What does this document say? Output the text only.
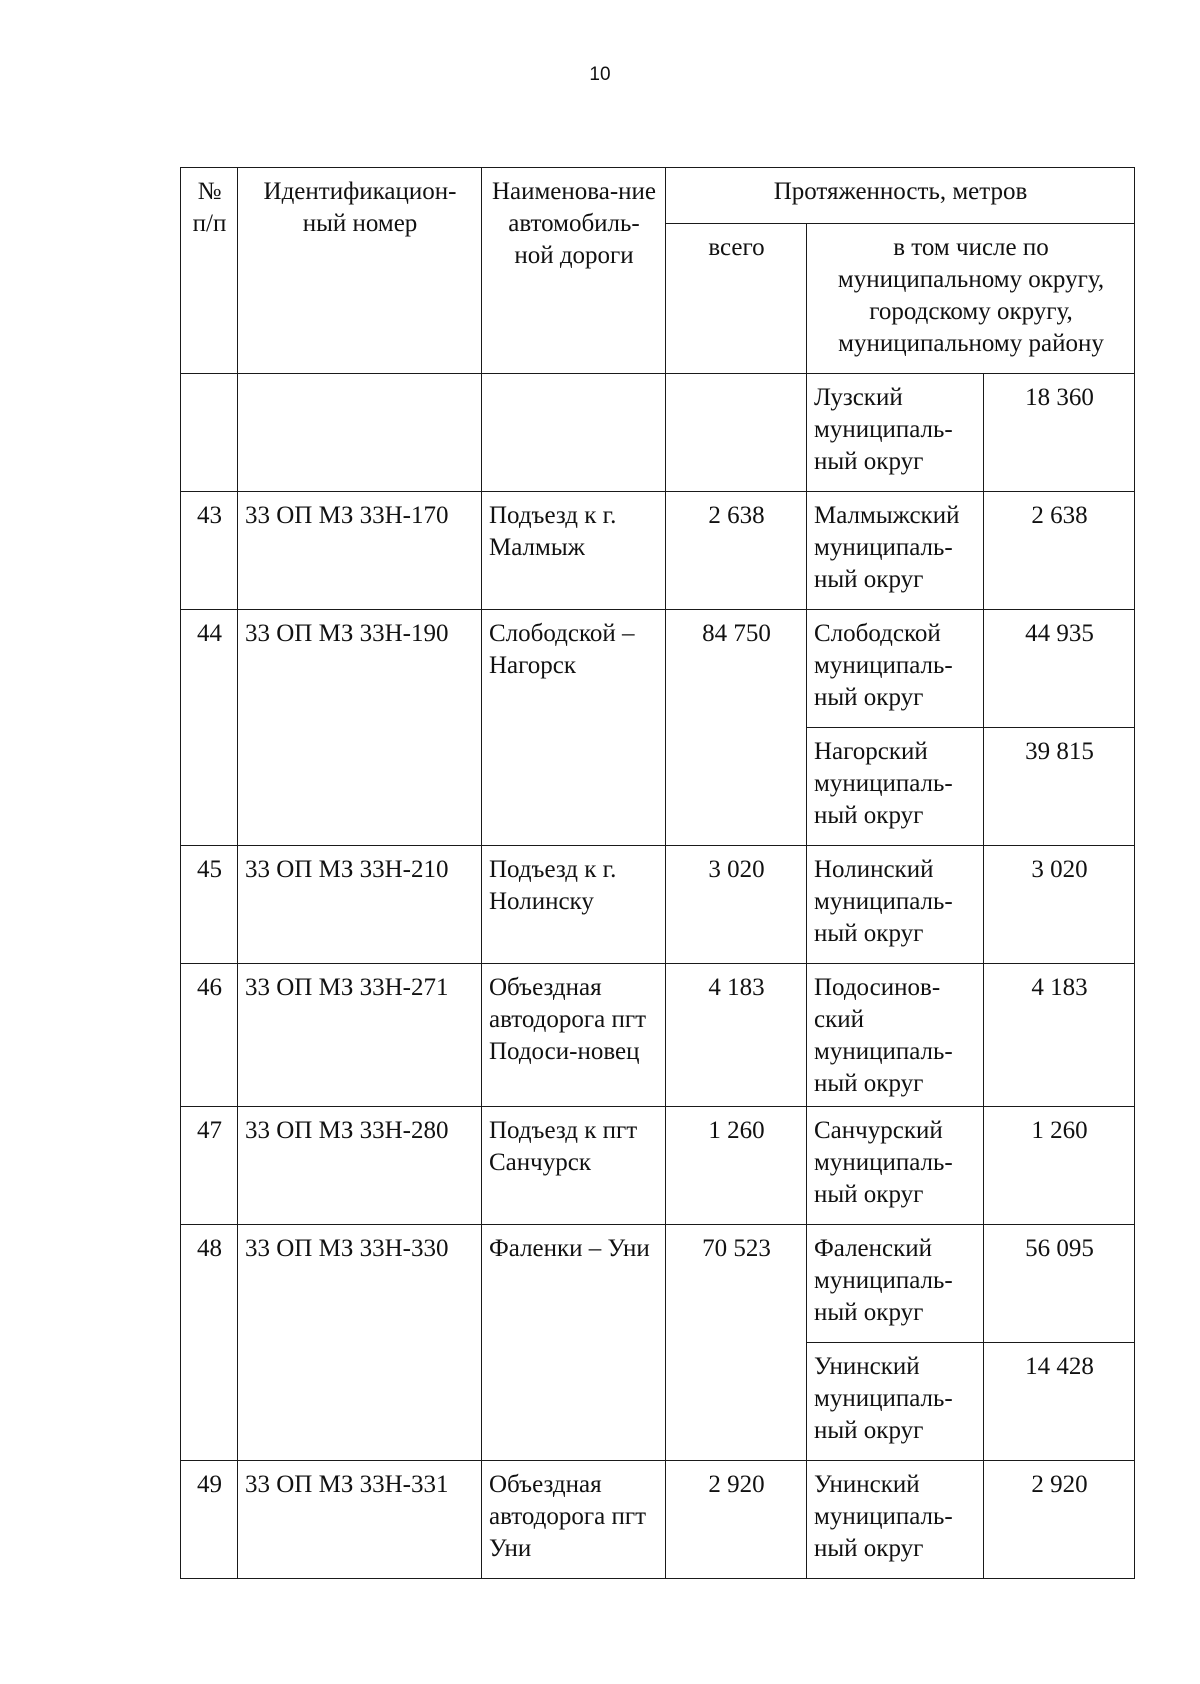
10
№ п/п	Идентификацион-ный номер	Наименова-ние автомобиль-ной дороги	Протяженность, метров		
			всего	в том числе по муниципальному округу, городскому округу, муниципальному району	
				Лузский муниципаль-ный округ	18 360
43	33 ОП МЗ 33Н-170	Подъезд к г. Малмыж	2 638	Малмыжский муниципаль-ный округ	2 638
44	33 ОП МЗ 33Н-190	Слободской – Нагорск	84 750	Слободской муниципаль-ный округ	44 935
				Нагорский муниципаль-ный округ	39 815
45	33 ОП МЗ 33Н-210	Подъезд к г. Нолинску	3 020	Нолинский муниципаль-ный округ	3 020
46	33 ОП МЗ 33Н-271	Объездная автодорога пгт Подоси-новец	4 183	Подосинов-ский муниципаль-ный округ	4 183
47	33 ОП МЗ 33Н-280	Подъезд к пгт Санчурск	1 260	Санчурский муниципаль-ный округ	1 260
48	33 ОП МЗ 33Н-330	Фаленки – Уни	70 523	Фаленский муниципаль-ный округ	56 095
				Унинский муниципаль-ный округ	14 428
49	33 ОП МЗ 33Н-331	Объездная автодорога пгт Уни	2 920	Унинский муниципаль-ный округ	2 920
